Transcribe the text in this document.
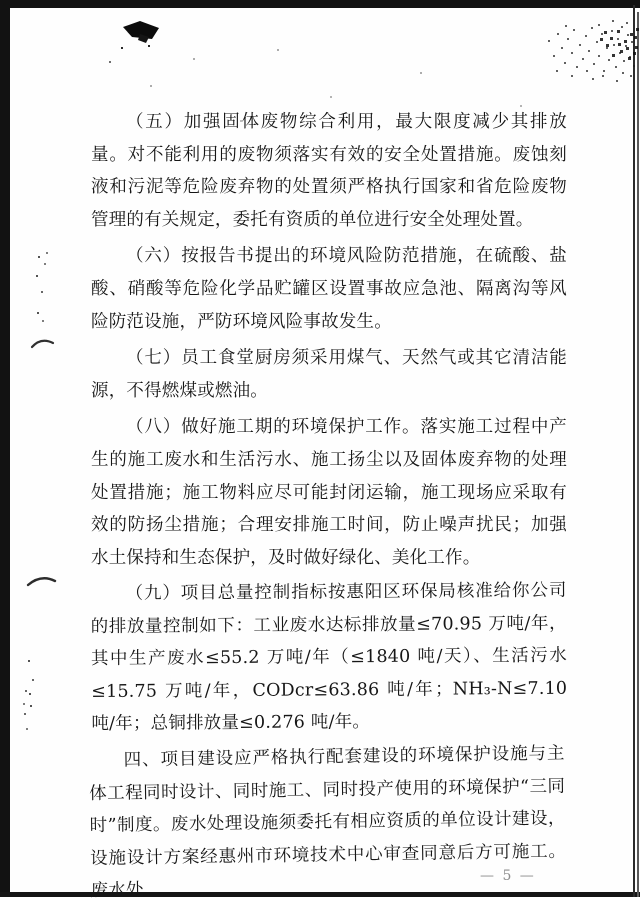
（五）加强固体废物综合利用，最大限度减少其排放量。对不能利用的废物须落实有效的安全处置措施。废蚀刻液和污泥等危险废弃物的处置须严格执行国家和省危险废物管理的有关规定，委托有资质的单位进行安全处理处置。

（六）按报告书提出的环境风险防范措施，在硫酸、盐酸、硝酸等危险化学品贮罐区设置事故应急池、隔离沟等风险防范设施，严防环境风险事故发生。

（七）员工食堂厨房须采用煤气、天然气或其它清洁能源，不得燃煤或燃油。

（八）做好施工期的环境保护工作。落实施工过程中产生的施工废水和生活污水、施工扬尘以及固体废弃物的处理处置措施；施工物料应尽可能封闭运输，施工现场应采取有效的防扬尘措施；合理安排施工时间，防止噪声扰民；加强水土保持和生态保护，及时做好绿化、美化工作。

（九）项目总量控制指标按惠阳区环保局核准给你公司的排放量控制如下：工业废水达标排放量≤70.95 万吨/年，其中生产废水≤55.2 万吨/年（≤1840 吨/天）、生活污水≤15.75 万吨/年，CODcr≤63.86 吨/年；NH₃-N≤7.10 吨/年；总铜排放量≤0.276 吨/年。

四、项目建设应严格执行配套建设的环境保护设施与主体工程同时设计、同时施工、同时投产使用的环境保护“三同时”制度。废水处理设施须委托有相应资质的单位设计建设，设施设计方案经惠州市环境技术中心审查同意后方可施工。废水处

— 5 —
